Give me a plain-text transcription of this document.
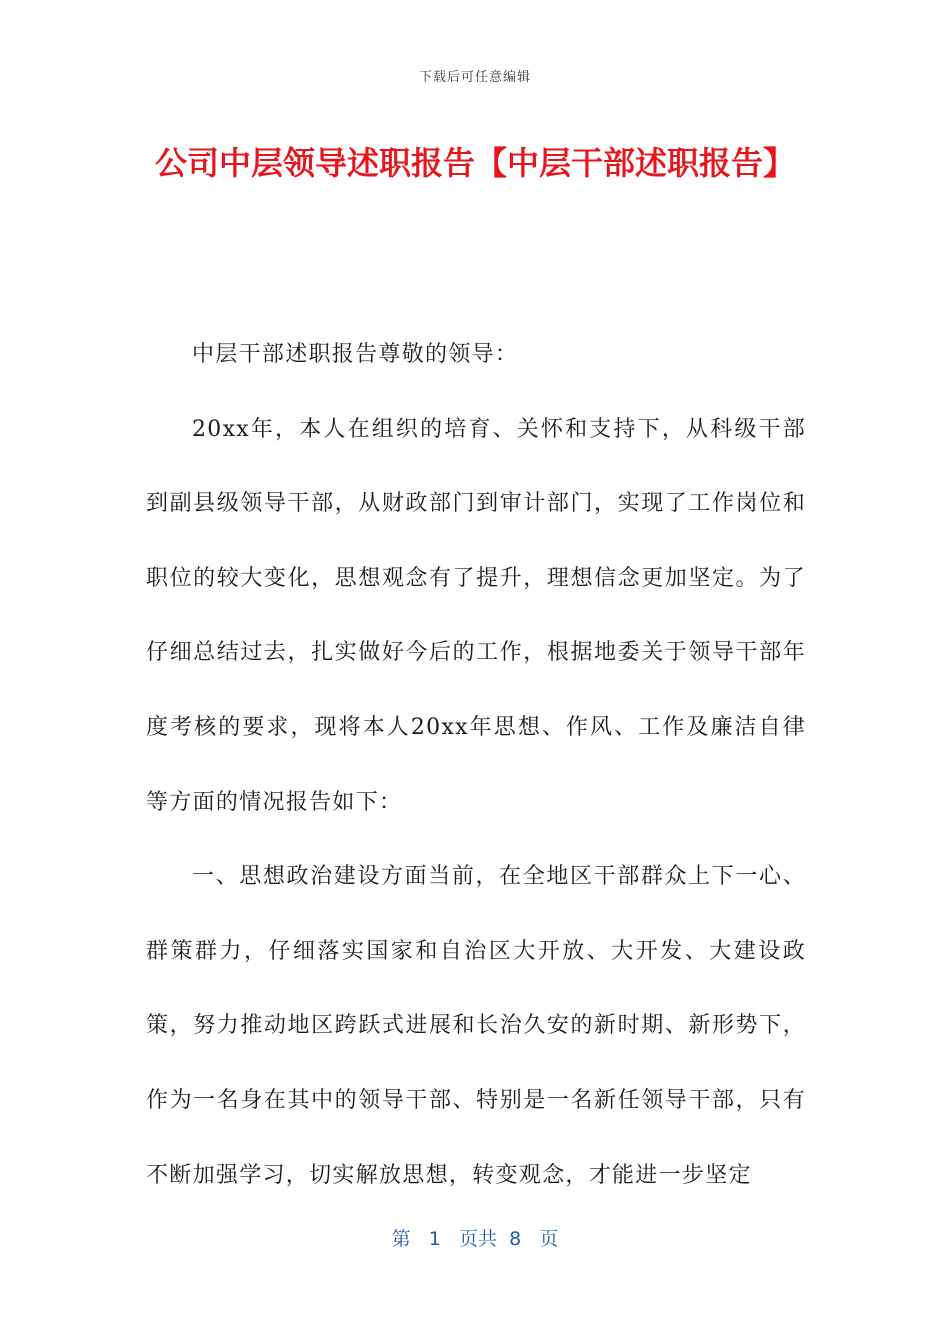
下载后可任意编辑
公司中层领导述职报告【中层干部述职报告】

中层干部述职报告尊敬的领导：

20xx年，本人在组织的培育、关怀和支持下，从科级干部到副县级领导干部，从财政部门到审计部门，实现了工作岗位和职位的较大变化，思想观念有了提升，理想信念更加坚定。为了仔细总结过去，扎实做好今后的工作，根据地委关于领导干部年度考核的要求，现将本人20xx年思想、作风、工作及廉洁自律等方面的情况报告如下：

一、思想政治建设方面当前，在全地区干部群众上下一心、群策群力，仔细落实国家和自治区大开放、大开发、大建设政策，努力推动地区跨跃式进展和长治久安的新时期、新形势下，作为一名身在其中的领导干部、特别是一名新任领导干部，只有不断加强学习，切实解放思想，转变观念，才能进一步坚定

第 1 页共 8 页
